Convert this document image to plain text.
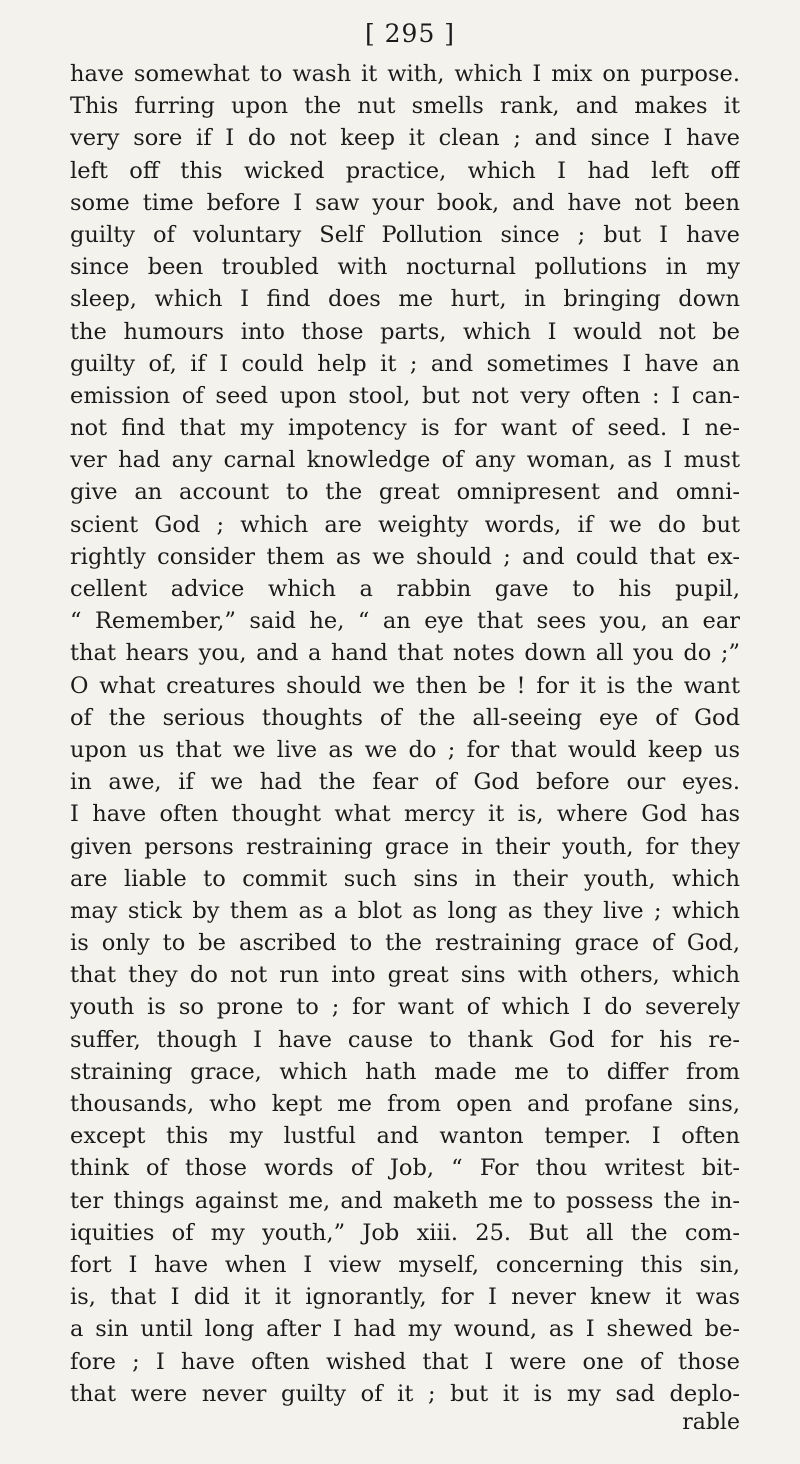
[ 295 ]
have somewhat to wash it with, which I mix on purpose.
This furring upon the nut smells rank, and makes it
very sore if I do not keep it clean ; and since I have
left off this wicked practice, which I had left off
some time before I saw your book, and have not been
guilty of voluntary Self Pollution since ; but I have
since been troubled with nocturnal pollutions in my
sleep, which I find does me hurt, in bringing down
the humours into those parts, which I would not be
guilty of, if I could help it ; and sometimes I have an
emission of seed upon stool, but not very often : I can-
not find that my impotency is for want of seed. I ne-
ver had any carnal knowledge of any woman, as I must
give an account to the great omnipresent and omni-
scient God ; which are weighty words, if we do but
rightly consider them as we should ; and could that ex-
cellent advice which a rabbin gave to his pupil,
“ Remember,” said he, “ an eye that sees you, an ear
that hears you, and a hand that notes down all you do ;”
O what creatures should we then be ! for it is the want
of the serious thoughts of the all-seeing eye of God
upon us that we live as we do ; for that would keep us
in awe, if we had the fear of God before our eyes.
I have often thought what mercy it is, where God has
given persons restraining grace in their youth, for they
are liable to commit such sins in their youth, which
may stick by them as a blot as long as they live ; which
is only to be ascribed to the restraining grace of God,
that they do not run into great sins with others, which
youth is so prone to ; for want of which I do severely
suffer, though I have cause to thank God for his re-
straining grace, which hath made me to differ from
thousands, who kept me from open and profane sins,
except this my lustful and wanton temper. I often
think of those words of Job, “ For thou writest bit-
ter things against me, and maketh me to possess the in-
iquities of my youth,” Job xiii. 25. But all the com-
fort I have when I view myself, concerning this sin,
is, that I did it it ignorantly, for I never knew it was
a sin until long after I had my wound, as I shewed be-
fore ; I have often wished that I were one of those
that were never guilty of it ; but it is my sad deplo-
rable
